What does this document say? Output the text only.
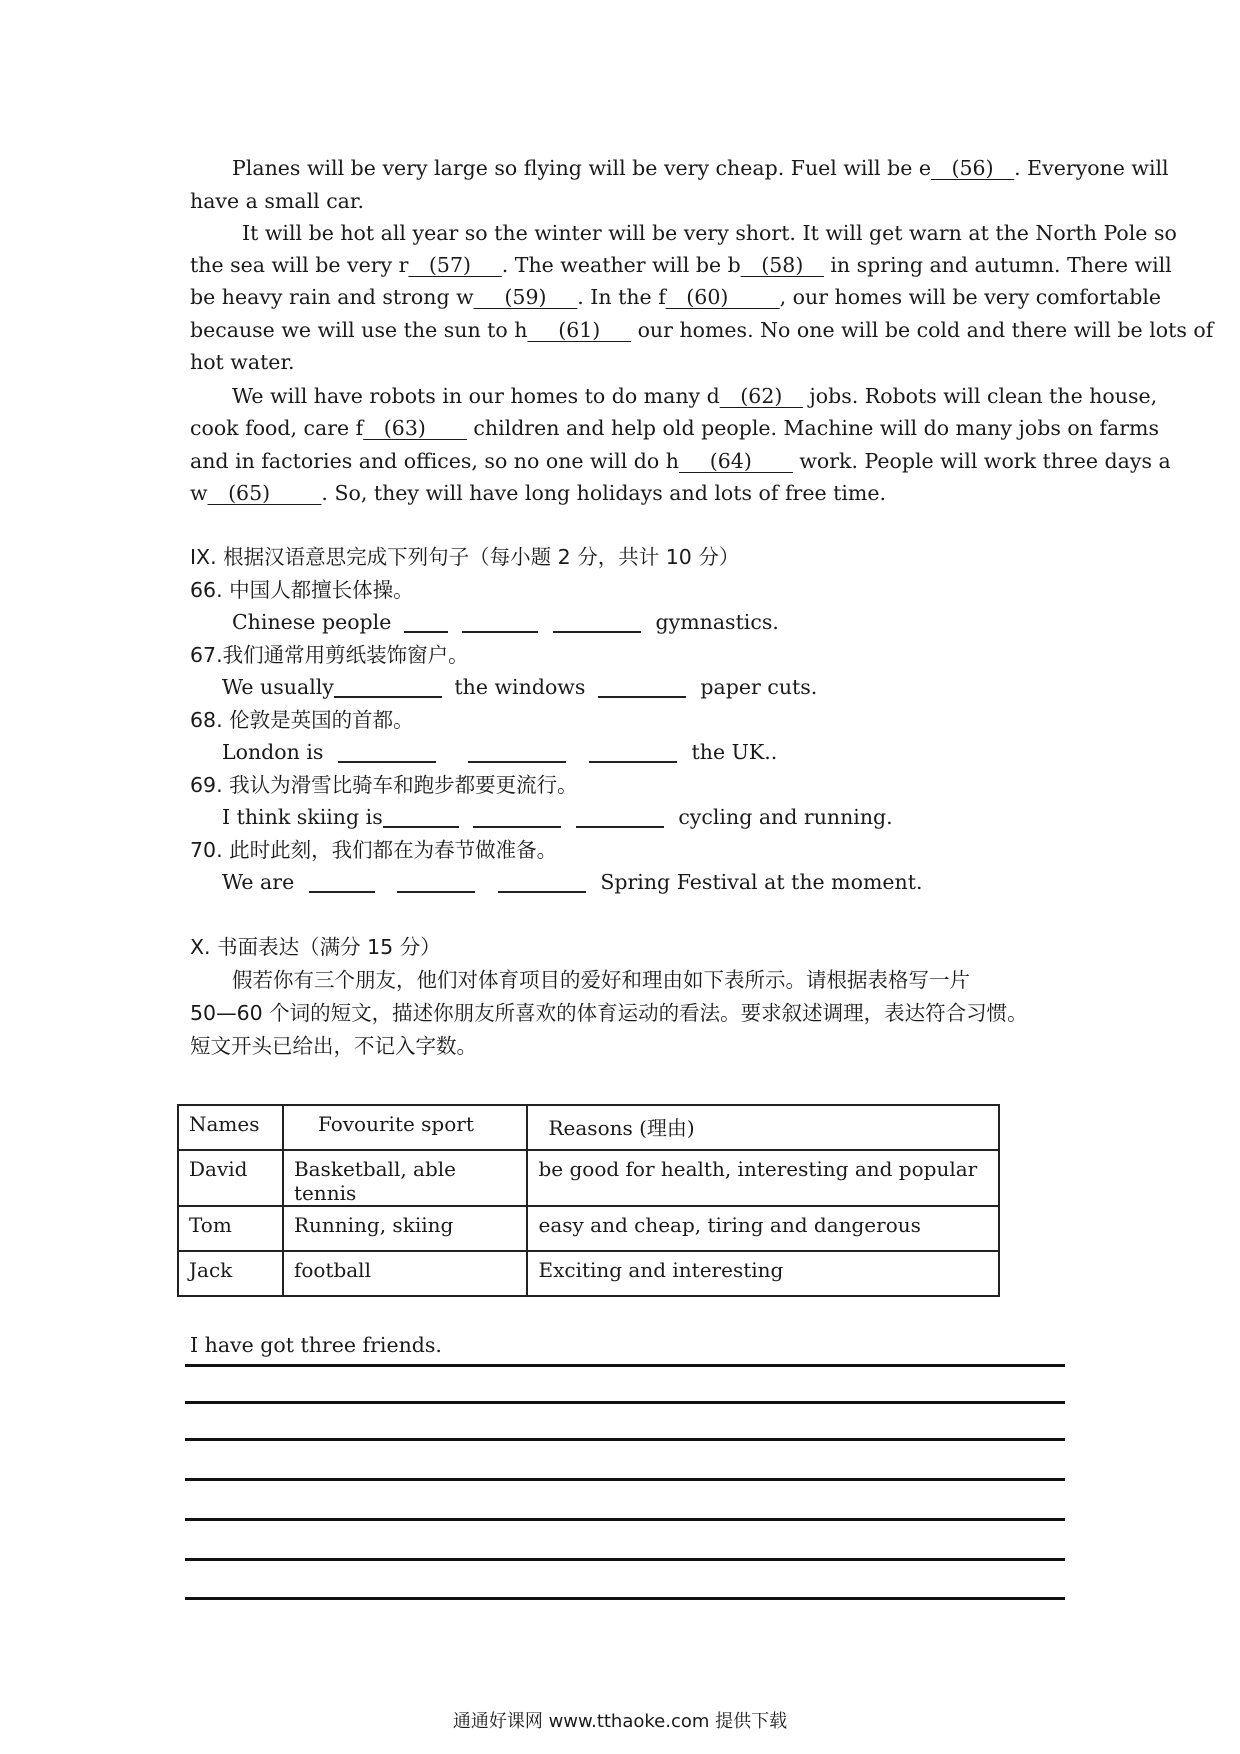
Planes will be very large so flying will be very cheap. Fuel will be e__(56)__. Everyone will
have a small car.
It will be hot all year so the winter will be very short. It will get warn at the North Pole so
the sea will be very r__(57)___. The weather will be b__(58)__ in spring and autumn. There will
be heavy rain and strong w___(59)___. In the f__(60)_____, our homes will be very comfortable
because we will use the sun to h___(61)___ our homes. No one will be cold and there will be lots of
hot water.
We will have robots in our homes to do many d__(62)__ jobs. Robots will clean the house,
cook food, care f__(63)____ children and help old people. Machine will do many jobs on farms
and in factories and offices, so no one will do h___(64)____ work. People will work three days a
w__(65)_____. So, they will have long holidays and lots of free time.
IX. 根据汉语意思完成下列句子（每小题 2 分，共计 10 分）
66. 中国人都擅长体操。
Chinese people	gymnastics.
67.我们通常用剪纸装饰窗户。
We usually	the windows	paper cuts.
68. 伦敦是英国的首都。
London is	the UK..
69. 我认为滑雪比骑车和跑步都要更流行。
I think skiing is	cycling and running.
70. 此时此刻，我们都在为春节做准备。
We are	Spring Festival at the moment.
X. 书面表达（满分 15 分）
假若你有三个朋友，他们对体育项目的爱好和理由如下表所示。请根据表格写一片
50—60 个词的短文，描述你朋友所喜欢的体育运动的看法。要求叙述调理，表达符合习惯。
短文开头已给出，不记入字数。
Names	Fovourite sport	Reasons (理由)
David	Basketball, able tennis	be good for health, interesting and popular
Tom	Running, skiing	easy and cheap, tiring and dangerous
Jack	football	Exciting and interesting
I have got three friends.
通通好课网 www.tthaoke.com 提供下载
